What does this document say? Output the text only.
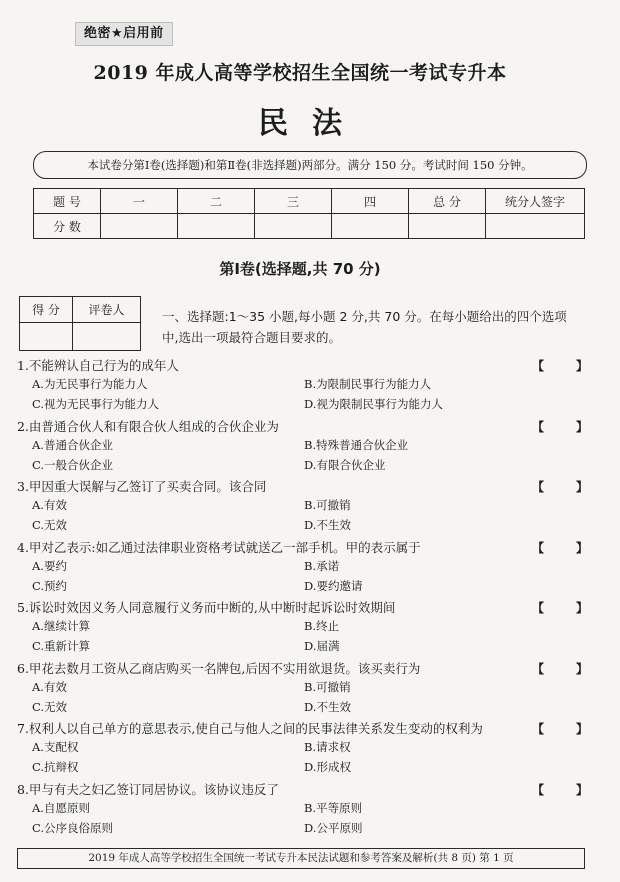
绝密★启用前
2019 年成人高等学校招生全国统一考试专升本
民法
本试卷分第Ⅰ卷(选择题)和第Ⅱ卷(非选择题)两部分。满分 150 分。考试时间 150 分钟。
题 号	一	二	三	四	总 分	统分人签字
分 数						
第Ⅰ卷(选择题,共 70 分)
得 分	评卷人
		一、选择题:1～35 小题,每小题 2 分,共 70 分。在每小题给出的四个选项中,选出一项最符合题目要求的。
1.不能辨认自己行为的成年人	【】
A.为无民事行为能力人	B.为限制民事行为能力人
C.视为无民事行为能力人	D.视为限制民事行为能力人
2.由普通合伙人和有限合伙人组成的合伙企业为	【】
A.普通合伙企业	B.特殊普通合伙企业
C.一般合伙企业	D.有限合伙企业
3.甲因重大误解与乙签订了买卖合同。该合同	【】
A.有效	B.可撤销
C.无效	D.不生效
4.甲对乙表示:如乙通过法律职业资格考试就送乙一部手机。甲的表示属于	【】
A.要约	B.承诺
C.预约	D.要约邀请
5.诉讼时效因义务人同意履行义务而中断的,从中断时起诉讼时效期间	【】
A.继续计算	B.终止
C.重新计算	D.届满
6.甲花去数月工资从乙商店购买一名牌包,后因不实用欲退货。该买卖行为	【】
A.有效	B.可撤销
C.无效	D.不生效
7.权利人以自己单方的意思表示,使自己与他人之间的民事法律关系发生变动的权利为	【】
A.支配权	B.请求权
C.抗辩权	D.形成权
8.甲与有夫之妇乙签订同居协议。该协议违反了	【】
A.自愿原则	B.平等原则
C.公序良俗原则	D.公平原则
2019 年成人高等学校招生全国统一考试专升本民法试题和参考答案及解析(共 8 页) 第 1 页
